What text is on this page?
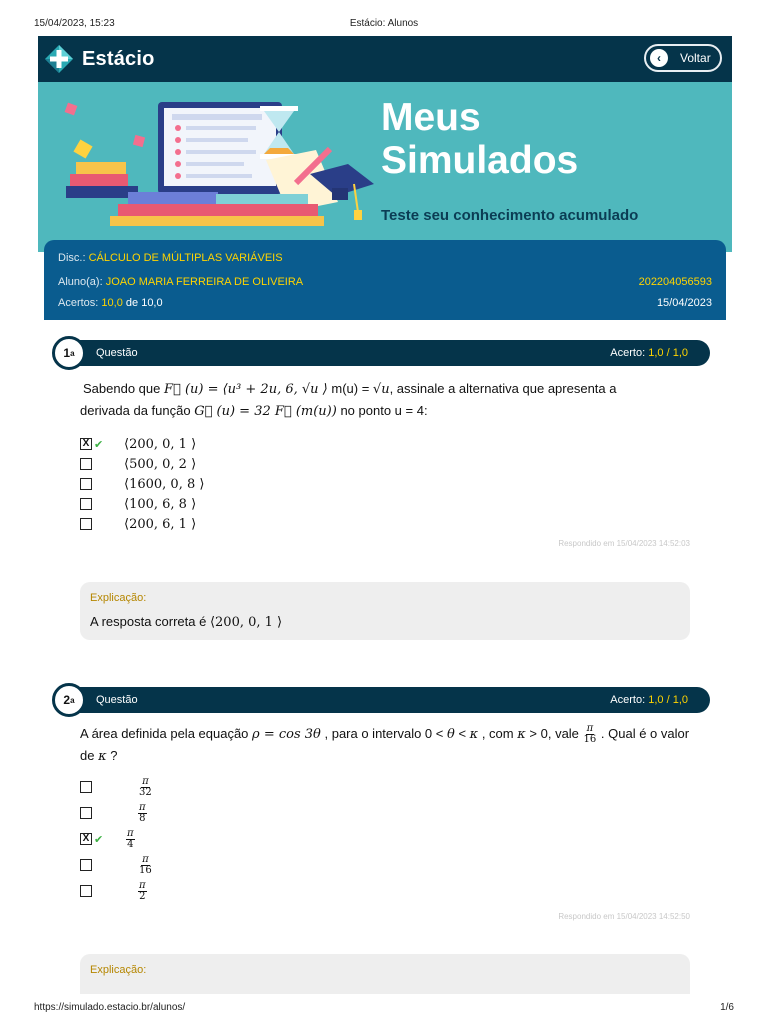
15/04/2023, 15:23	Estácio: Alunos
Estácio	‹	Voltar
Meus
Simulados
Teste seu conhecimento acumulado
Disc.: CÁLCULO DE MÚLTIPLAS VARIÁVEIS
Aluno(a): JOAO MARIA FERREIRA DE OLIVEIRA	202204056593
Acertos: 10,0 de 10,0	15/04/2023
1 a Questão	Acerto: 1,0 / 1,0
Sabendo que F⃗ (u) = ⟨u³ + 2u, 6, √u ⟩ m(u) = √u, assinale a alternativa que apresenta a
derivada da função G⃗ (u) = 32 F⃗ (m(u)) no ponto u = 4:
X ✔ ⟨200, 0, 1 ⟩
⟨500, 0, 2 ⟩
⟨1600, 0, 8 ⟩
⟨100, 6, 8 ⟩
⟨200, 6, 1 ⟩
Respondido em 15/04/2023 14:52:03
Explicação:
A resposta correta é ⟨200, 0, 1 ⟩
2 a Questão	Acerto: 1,0 / 1,0
A área definida pela equação ρ = cos 3θ , para o intervalo 0 < θ < κ , com κ > 0, vale $\frac{\pi}{16}$ . Qual é o valor
de κ ?
$\frac{\pi}{32}$
$\frac{\pi}{8}$
X ✔ $\frac{\pi}{4}$
$\frac{\pi}{16}$
$\frac{\pi}{2}$
Respondido em 15/04/2023 14:52:50
Explicação:
https://simulado.estacio.br/alunos/	1/6
